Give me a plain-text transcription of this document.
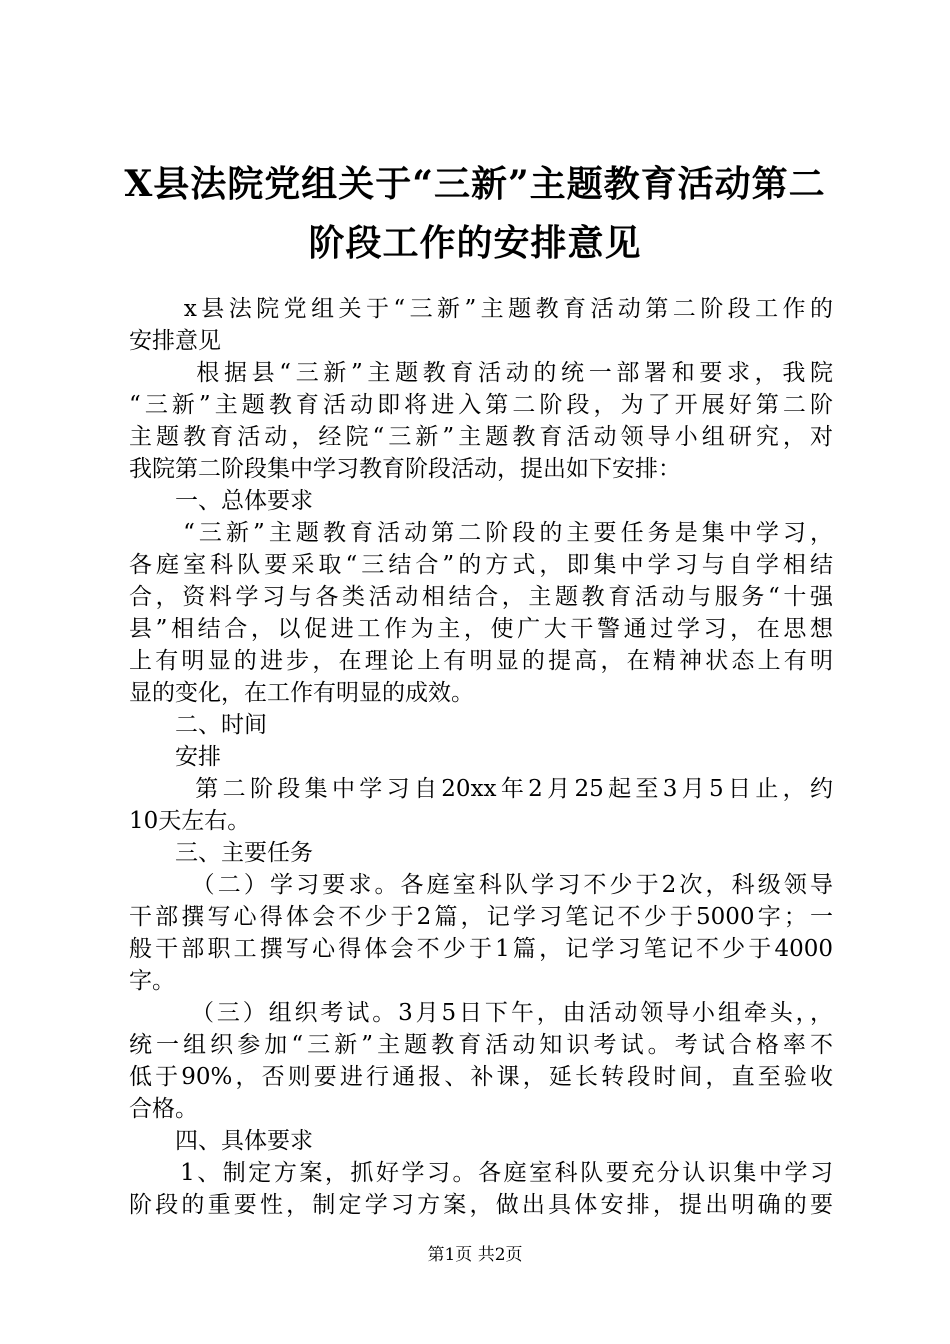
X县法院党组关于“三新”主题教育活动第二
阶段工作的安排意见
　　x县法院党组关于“三新”主题教育活动第二阶段工作的
安排意见
　　 根据县“三新”主题教育活动的统一部署和要求，我院
“三新”主题教育活动即将进入第二阶段，为了开展好第二阶
主题教育活动，经院“三新”主题教育活动领导小组研究，对
我院第二阶段集中学习教育阶段活动，提出如下安排：
　　一、总体要求
　　“三新”主题教育活动第二阶段的主要任务是集中学习，
各庭室科队要采取“三结合”的方式，即集中学习与自学相结
合，资料学习与各类活动相结合，主题教育活动与服务“十强
县”相结合，以促进工作为主，使广大干警通过学习，在思想
上有明显的进步，在理论上有明显的提高，在精神状态上有明
显的变化，在工作有明显的成效。
　　二、时间
　　安排
　　 第二阶段集中学习自20xx年2月25起至3月5日止，约
10天左右。
　　三、主要任务
　　 （二）学习要求。各庭室科队学习不少于2次，科级领导
干部撰写心得体会不少于2篇，记学习笔记不少于5000字；一
般干部职工撰写心得体会不少于1篇，记学习笔记不少于4000
字。
　　 （三）组织考试。3月5日下午，由活动领导小组牵头，，
统一组织参加“三新”主题教育活动知识考试。考试合格率不
低于90%，否则要进行通报、补课，延长转段时间，直至验收
合格。
　　四、具体要求
　　1、制定方案，抓好学习。各庭室科队要充分认识集中学习
阶段的重要性，制定学习方案，做出具体安排，提出明确的要
第1页 共2页
